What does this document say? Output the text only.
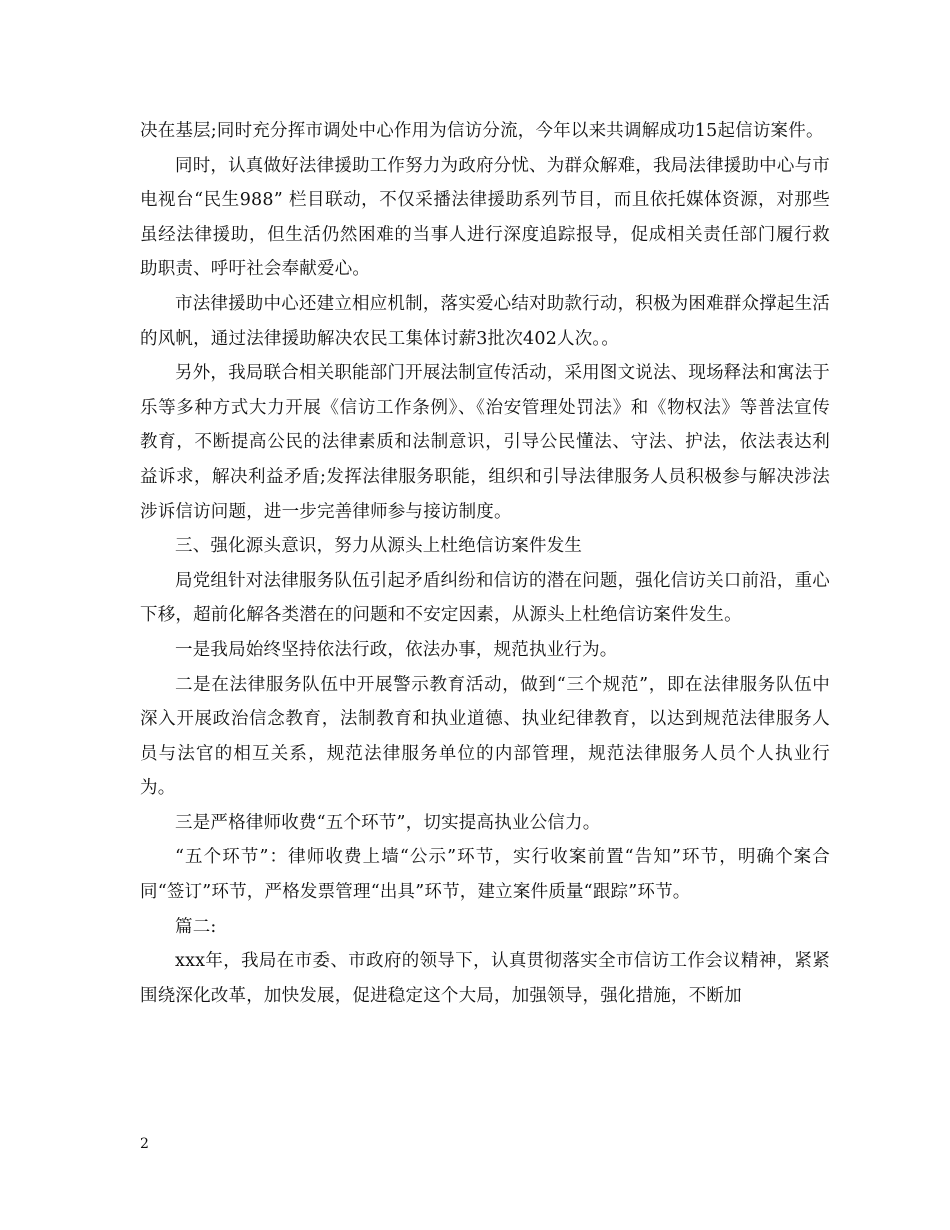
决在基层;同时充分挥市调处中心作用为信访分流，今年以来共调解成功15起信访案件。

同时，认真做好法律援助工作努力为政府分忧、为群众解难，我局法律援助中心与市电视台“民生988” 栏目联动，不仅采播法律援助系列节目，而且依托媒体资源，对那些虽经法律援助，但生活仍然困难的当事人进行深度追踪报导，促成相关责任部门履行救助职责、呼吁社会奉献爱心。

市法律援助中心还建立相应机制，落实爱心结对助款行动，积极为困难群众撑起生活的风帆，通过法律援助解决农民工集体讨薪3批次402人次。。

另外，我局联合相关职能部门开展法制宣传活动，采用图文说法、现场释法和寓法于乐等多种方式大力开展《信访工作条例》、《治安管理处罚法》和《物权法》等普法宣传教育，不断提高公民的法律素质和法制意识，引导公民懂法、守法、护法，依法表达利益诉求，解决利益矛盾;发挥法律服务职能，组织和引导法律服务人员积极参与解决涉法涉诉信访问题，进一步完善律师参与接访制度。

三、强化源头意识，努力从源头上杜绝信访案件发生

局党组针对法律服务队伍引起矛盾纠纷和信访的潜在问题，强化信访关口前沿，重心下移，超前化解各类潜在的问题和不安定因素，从源头上杜绝信访案件发生。

一是我局始终坚持依法行政，依法办事，规范执业行为。

二是在法律服务队伍中开展警示教育活动，做到“三个规范”，即在法律服务队伍中深入开展政治信念教育，法制教育和执业道德、执业纪律教育，以达到规范法律服务人员与法官的相互关系，规范法律服务单位的内部管理，规范法律服务人员个人执业行为。

三是严格律师收费“五个环节”，切实提高执业公信力。

“五个环节”：律师收费上墙“公示”环节，实行收案前置“告知”环节，明确个案合同“签订”环节，严格发票管理“出具”环节，建立案件质量“跟踪”环节。

篇二:

xxx年，我局在市委、市政府的领导下，认真贯彻落实全市信访工作会议精神，紧紧围绕深化改革，加快发展，促进稳定这个大局，加强领导，强化措施，不断加

2
